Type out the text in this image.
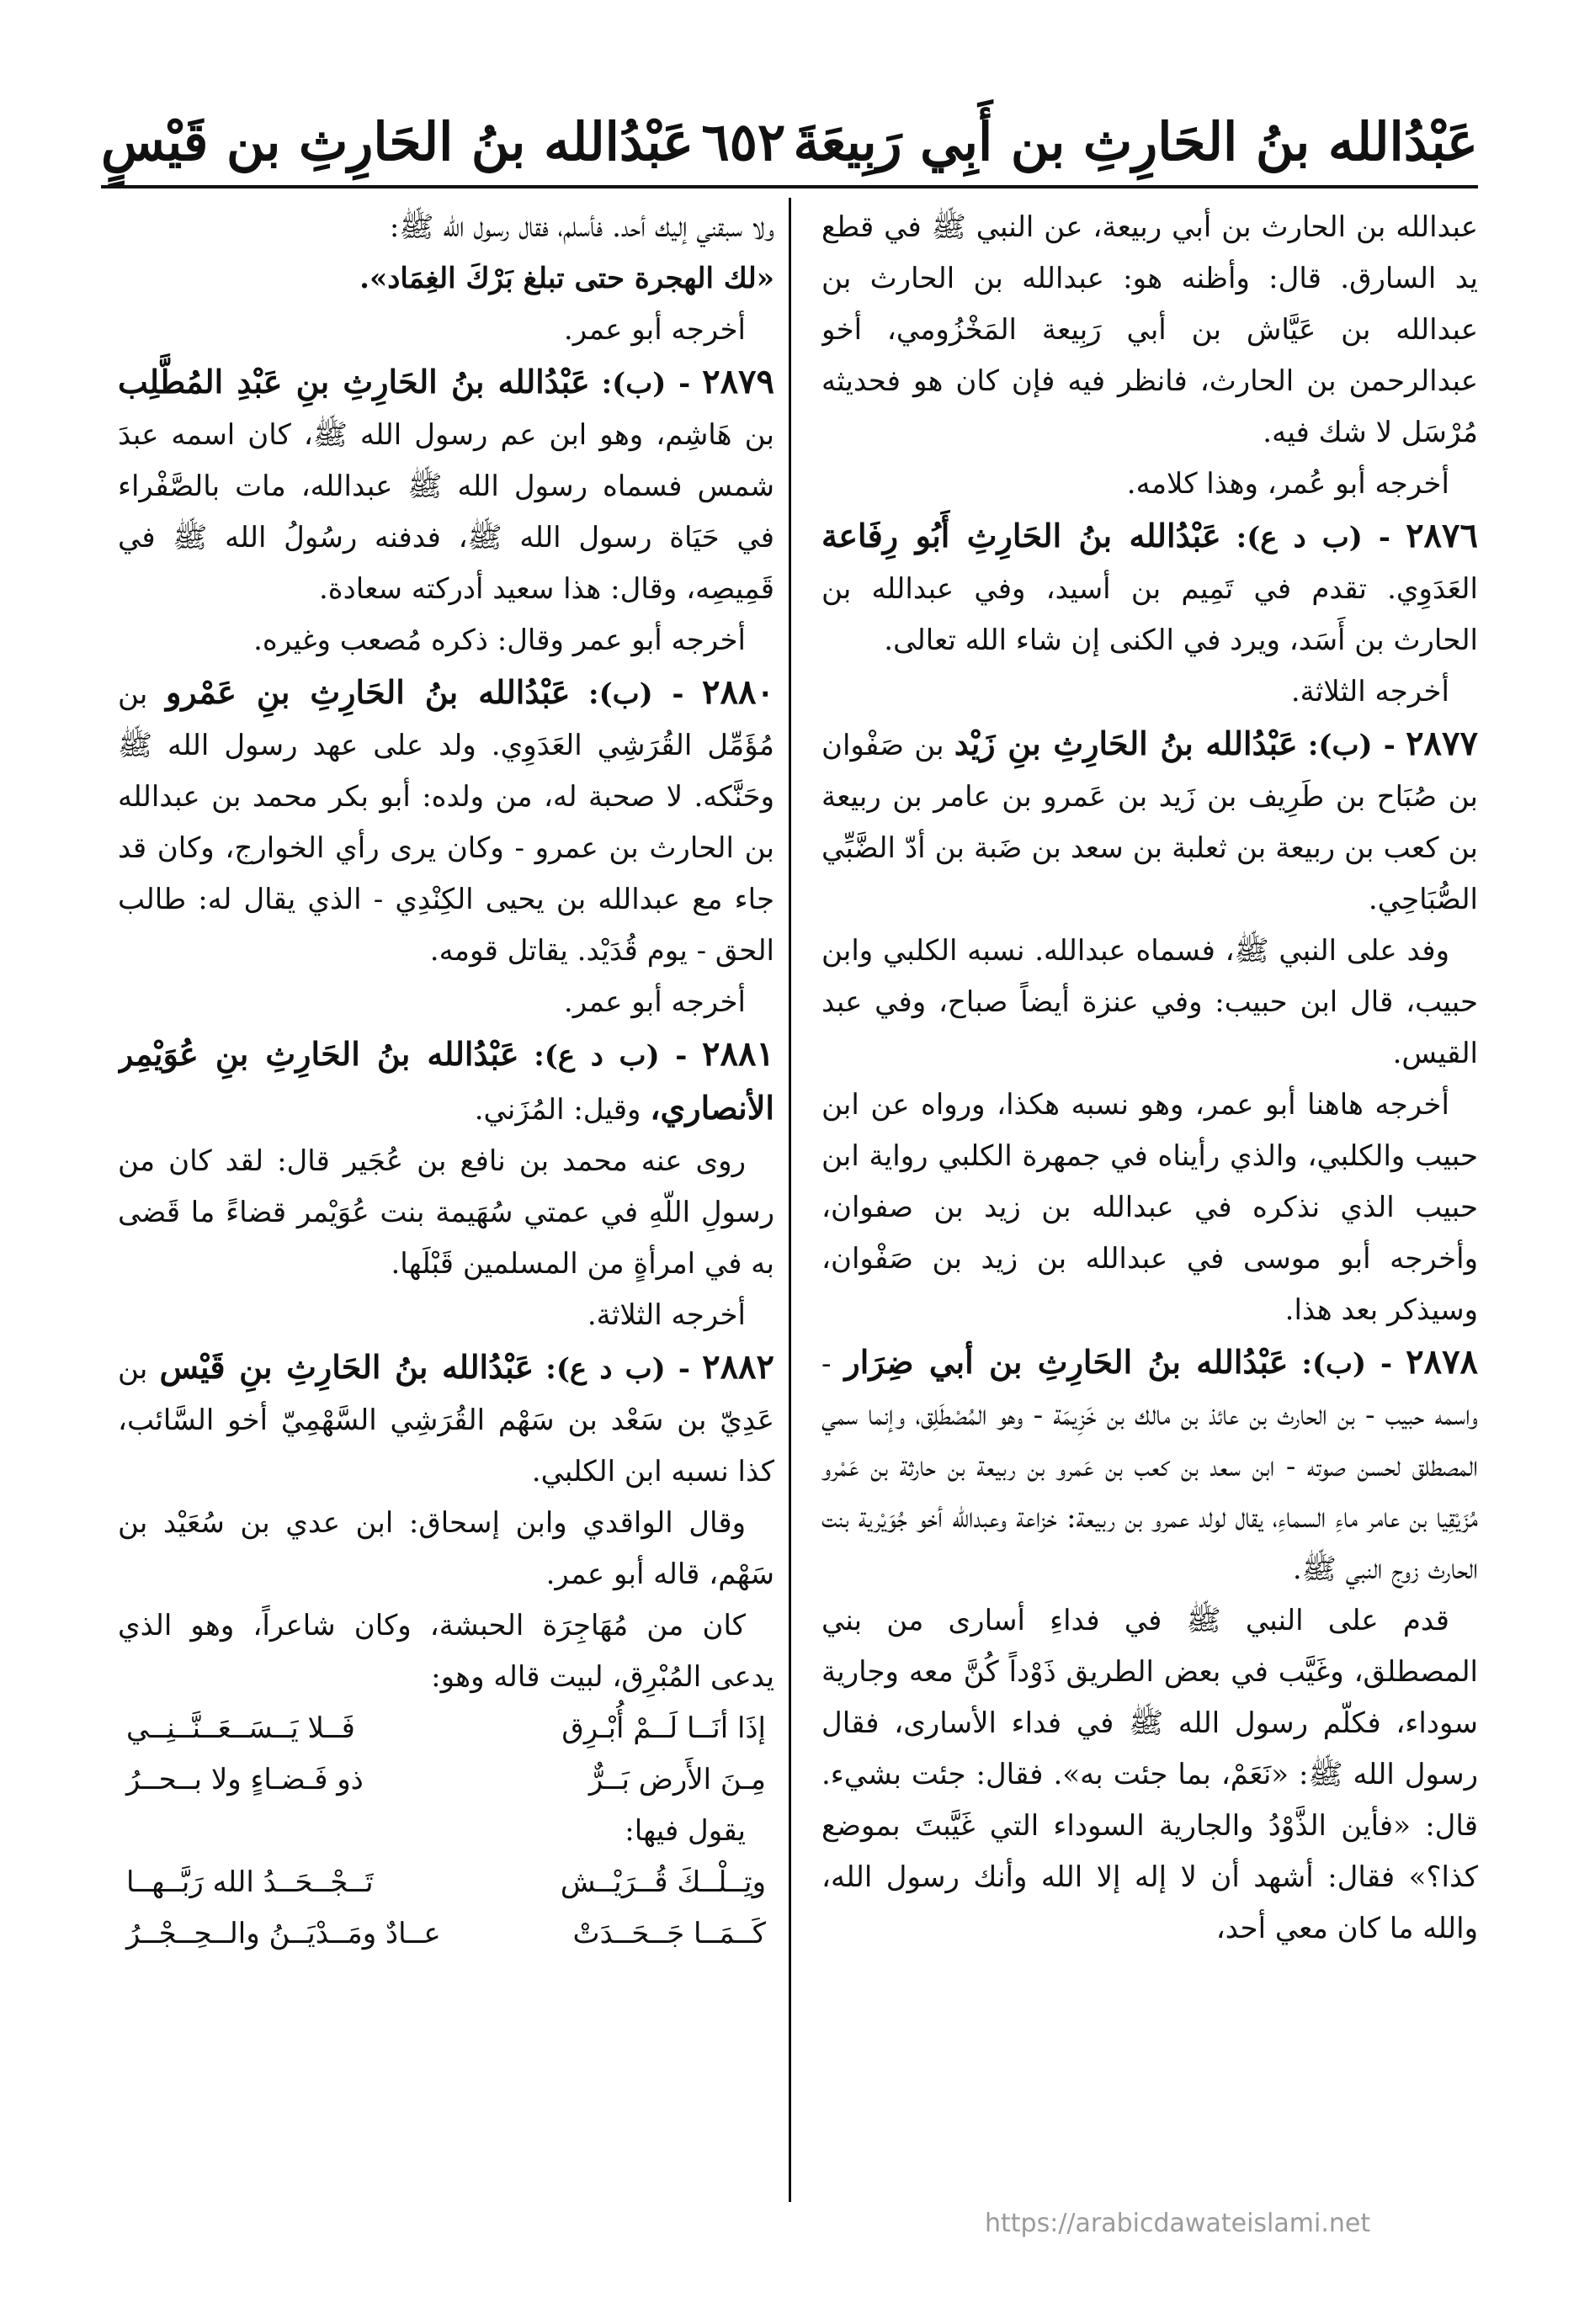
عَبْدُالله بنُ الحَارِثِ بن أَبِي رَبِيعَةَ
٦٥٢
عَبْدُالله بنُ الحَارِثِ بن قَيْسٍ

عبدالله بن الحارث بن أبي ربيعة، عن النبي ﷺ في قطع يد السارق. قال: وأظنه هو: عبدالله بن الحارث بن عبدالله بن عَيَّاش بن أبي رَبِيعة المَخْزُومي، أخو عبدالرحمن بن الحارث، فانظر فيه فإن كان هو فحديثه مُرْسَل لا شك فيه.

أخرجه أبو عُمر، وهذا كلامه.

٢٨٧٦ - (ب د ع): عَبْدُالله بنُ الحَارِثِ أَبُو رِفَاعة العَدَوِي. تقدم في تَمِيم بن أسيد، وفي عبدالله بن الحارث بن أَسَد، ويرد في الكنى إن شاء الله تعالى.

أخرجه الثلاثة.

٢٨٧٧ - (ب): عَبْدُالله بنُ الحَارِثِ بنِ زَيْد بن صَفْوان بن صُبَاح بن طَرِيف بن زَيد بن عَمرو بن عامر بن ربيعة بن كعب بن ربيعة بن ثعلبة بن سعد بن ضَبة بن أدّ الضَّبِّي الصُّبَاحِي.

وفد على النبي ﷺ، فسماه عبدالله. نسبه الكلبي وابن حبيب، قال ابن حبيب: وفي عنزة أيضاً صباح، وفي عبد القيس.

أخرجه هاهنا أبو عمر، وهو نسبه هكذا، ورواه عن ابن حبيب والكلبي، والذي رأيناه في جمهرة الكلبي رواية ابن حبيب الذي نذكره في عبدالله بن زيد بن صفوان، وأخرجه أبو موسى في عبدالله بن زيد بن صَفْوان، وسيذكر بعد هذا.

٢٨٧٨ - (ب): عَبْدُالله بنُ الحَارِثِ بن أبي ضِرَار - واسمه حبيب - بن الحارث بن عائذ بن مالك بن خَزِيمَة - وهو المُصْطَلِق، وإنما سمي المصطلق لحسن صوته - ابن سعد بن كعب بن عَمرو بن ربيعة بن حارثة بن عَمْرو مُزَيْقِيا بن عامر ماءِ السماءِ، يقال لولد عمرو بن ربيعة: خزاعة وعبدالله أخو جُوَيْرية بنت الحارث زوج النبي ﷺ.

قدم على النبي ﷺ في فداءِ أسارى من بني المصطلق، وغَيَّب في بعض الطريق ذَوْداً كُنَّ معه وجارية سوداء، فكلّم رسول الله ﷺ في فداء الأسارى، فقال رسول الله ﷺ: «نَعَمْ، بما جئت به». فقال: جئت بشيء. قال: «فأين الذَّوْدُ والجارية السوداء التي غَيَّبتَ بموضع كذا؟» فقال: أشهد أن لا إله إلا الله وأنك رسول الله، والله ما كان معي أحد،

ولا سبقني إليك أحد. فأسلم، فقال رسول الله ﷺ:

«لك الهجرة حتى تبلغ بَرْكَ الغِمَاد».

أخرجه أبو عمر.

٢٨٧٩ - (ب): عَبْدُالله بنُ الحَارِثِ بنِ عَبْدِ المُطَّلِب بن هَاشِم، وهو ابن عم رسول الله ﷺ، كان اسمه عبدَ شمس فسماه رسول الله ﷺ عبدالله، مات بالصَّفْراء في حَيَاة رسول الله ﷺ، فدفنه رسُولُ الله ﷺ في قَمِيصِه، وقال: هذا سعيد أدركته سعادة.

أخرجه أبو عمر وقال: ذكره مُصعب وغيره.

٢٨٨٠ - (ب): عَبْدُالله بنُ الحَارِثِ بنِ عَمْرو بن مُؤَمِّل القُرَشِي العَدَوِي. ولد على عهد رسول الله ﷺ وحَنَّكه. لا صحبة له، من ولده: أبو بكر محمد بن عبدالله بن الحارث بن عمرو - وكان يرى رأي الخوارج، وكان قد جاء مع عبدالله بن يحيى الكِنْدِي - الذي يقال له: طالب الحق - يوم قُدَيْد. يقاتل قومه.

أخرجه أبو عمر.

٢٨٨١ - (ب د ع): عَبْدُالله بنُ الحَارِثِ بنِ عُوَيْمِر الأنصاري، وقيل: المُزَني.

روى عنه محمد بن نافع بن عُجَير قال: لقد كان من رسولِ اللّهِ في عمتي سُهَيمة بنت عُوَيْمر قضاءً ما قَضى به في امرأةٍ من المسلمين قَبْلَها.

أخرجه الثلاثة.

٢٨٨٢ - (ب د ع): عَبْدُالله بنُ الحَارِثِ بنِ قَيْس بن عَدِيّ بن سَعْد بن سَهْم القُرَشِي السَّهْمِيّ أخو السَّائب، كذا نسبه ابن الكلبي.

وقال الواقدي وابن إسحاق: ابن عدي بن سُعَيْد بن سَهْم، قاله أبو عمر.

كان من مُهَاجِرَة الحبشة، وكان شاعراً، وهو الذي يدعى المُبْرِق، لبيت قاله وهو:

إذَا أنَــا لَــمْ أُبْـرِق
فَــلا يَــسَــعَــنَّــنِــي
مِـنَ الأَرض بَــرٌّ
ذو فَـضـاءٍ ولا بــحــرُ

يقول فيها:

وتِــلْــكَ قُــرَيْــش
تَــجْــحَــدُ الله رَبَّــهــا
كَــمَــا جَــحَــدَتْ
عــادٌ ومَــدْيَــنُ والــحِــجْــرُ
https://arabicdawateislami.net
